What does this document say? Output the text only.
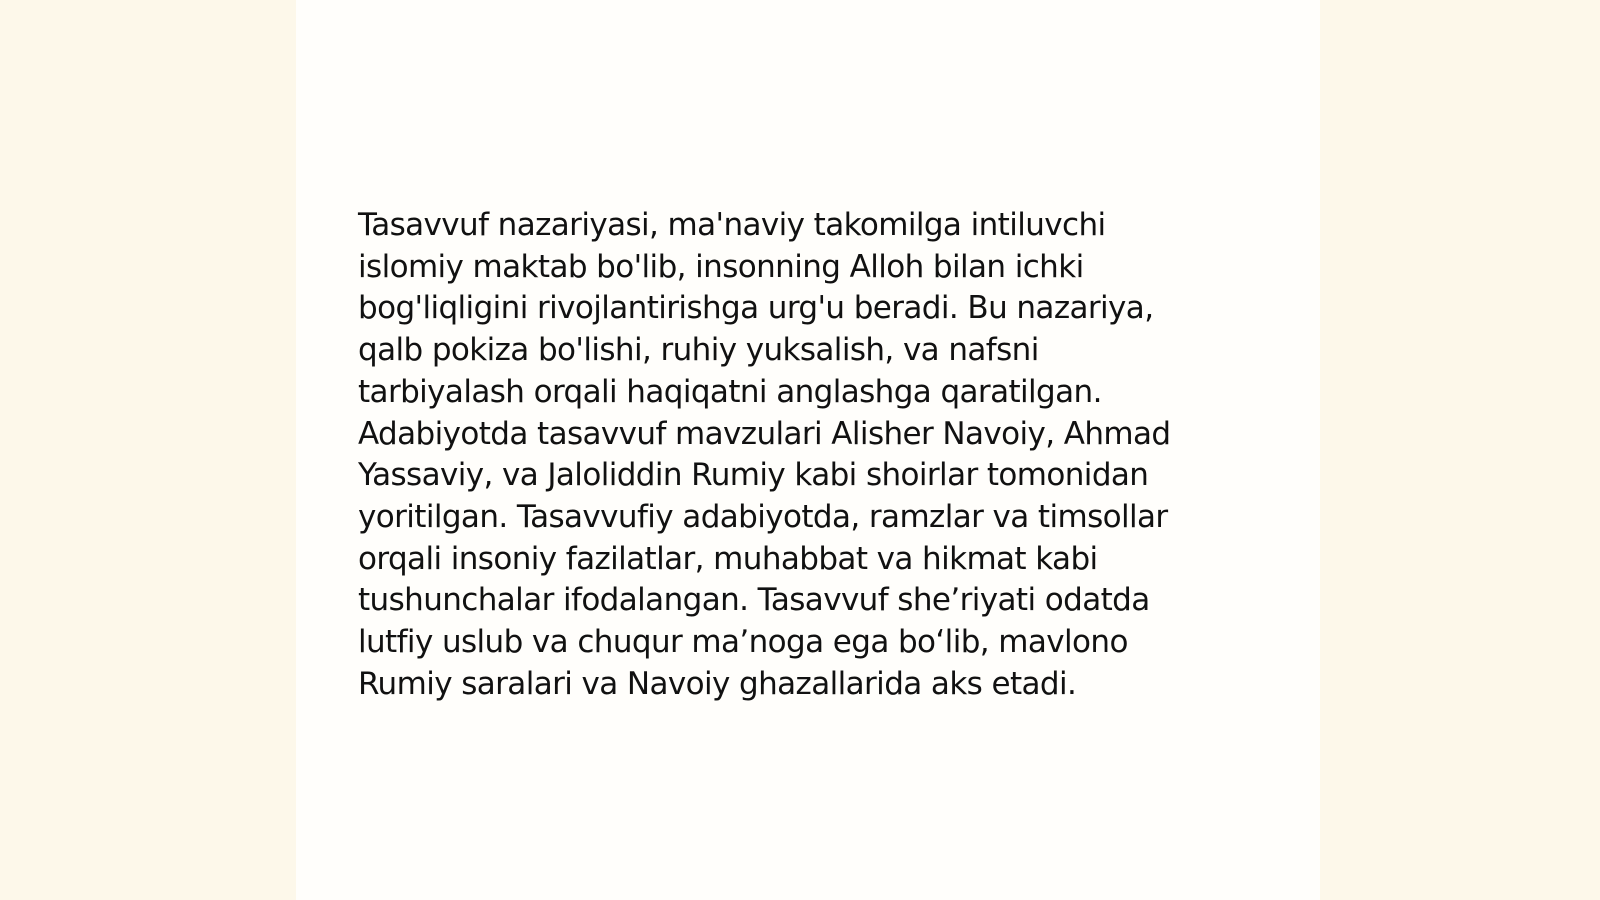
Tasavvuf nazariyasi, ma'naviy takomilga intiluvchi
islomiy maktab bo'lib, insonning Alloh bilan ichki
bog'liqligini rivojlantirishga urg'u beradi. Bu nazariya,
qalb pokiza bo'lishi, ruhiy yuksalish, va nafsni
tarbiyalash orqali haqiqatni anglashga qaratilgan.
Adabiyotda tasavvuf mavzulari Alisher Navoiy, Ahmad
Yassaviy, va Jaloliddin Rumiy kabi shoirlar tomonidan
yoritilgan. Tasavvufiy adabiyotda, ramzlar va timsollar
orqali insoniy fazilatlar, muhabbat va hikmat kabi
tushunchalar ifodalangan. Tasavvuf she’riyati odatda
lutfiy uslub va chuqur ma’noga ega bo‘lib, mavlono
Rumiy saralari va Navoiy ghazallarida aks etadi.
